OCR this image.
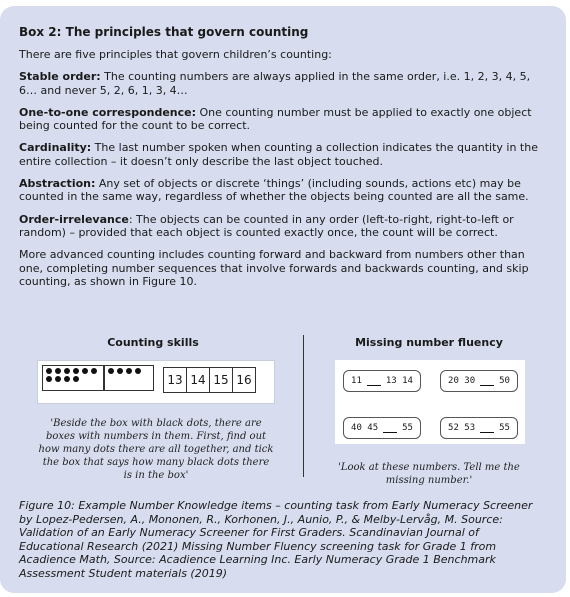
Box 2: The principles that govern counting
There are five principles that govern children’s counting:
Stable order: The counting numbers are always applied in the same order, i.e. 1, 2, 3, 4, 5, 6… and never 5, 2, 6, 1, 3, 4…
One-to-one correspondence: One counting number must be applied to exactly one object being counted for the count to be correct.
Cardinality: The last number spoken when counting a collection indicates the quantity in the entire collection – it doesn’t only describe the last object touched.
Abstraction: Any set of objects or discrete ‘things’ (including sounds, actions etc) may be counted in the same way, regardless of whether the objects being counted are all the same.
Order-irrelevance: The objects can be counted in any order (left-to-right, right-to-left or random) – provided that each object is counted exactly once, the count will be correct.
More advanced counting includes counting forward and backward from numbers other than one, completing number sequences that involve forwards and backwards counting, and skip counting, as shown in Figure 10.
Counting skills	Missing number fluency
13 14 15 16
'Beside the box with black dots, there are boxes with numbers in them. First, find out how many dots there are all together, and tick the box that says how many black dots there is in the box'
11	13 14	20 30	50
40 45	55	52 53	55
'Look at these numbers. Tell me the missing number.'
Figure 10: Example Number Knowledge items – counting task from Early Numeracy Screener by Lopez-Pedersen, A., Mononen, R., Korhonen, J., Aunio, P., & Melby-Lervåg, M. Source: Validation of an Early Numeracy Screener for First Graders. Scandinavian Journal of Educational Research (2021) Missing Number Fluency screening task for Grade 1 from Acadience Math, Source: Acadience Learning Inc. Early Numeracy Grade 1 Benchmark Assessment Student materials (2019)
